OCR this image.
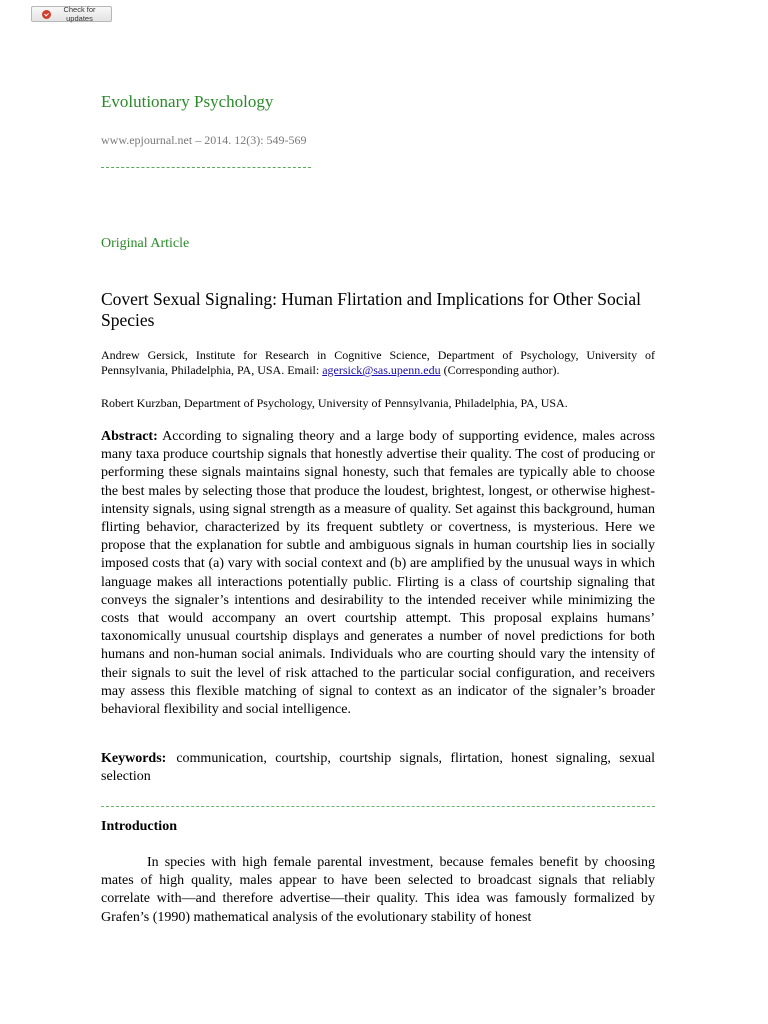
Check for updates
Evolutionary Psychology
www.epjournal.net – 2014. 12(3): 549-569
Original Article
Covert Sexual Signaling: Human Flirtation and Implications for Other Social Species
Andrew Gersick, Institute for Research in Cognitive Science, Department of Psychology, University of Pennsylvania, Philadelphia, PA, USA. Email: agersick@sas.upenn.edu (Corresponding author).
Robert Kurzban, Department of Psychology, University of Pennsylvania, Philadelphia, PA, USA.
Abstract: According to signaling theory and a large body of supporting evidence, males across many taxa produce courtship signals that honestly advertise their quality. The cost of producing or performing these signals maintains signal honesty, such that females are typically able to choose the best males by selecting those that produce the loudest, brightest, longest, or otherwise highest-intensity signals, using signal strength as a measure of quality. Set against this background, human flirting behavior, characterized by its frequent subtlety or covertness, is mysterious. Here we propose that the explanation for subtle and ambiguous signals in human courtship lies in socially imposed costs that (a) vary with social context and (b) are amplified by the unusual ways in which language makes all interactions potentially public. Flirting is a class of courtship signaling that conveys the signaler’s intentions and desirability to the intended receiver while minimizing the costs that would accompany an overt courtship attempt. This proposal explains humans’ taxonomically unusual courtship displays and generates a number of novel predictions for both humans and non-human social animals. Individuals who are courting should vary the intensity of their signals to suit the level of risk attached to the particular social configuration, and receivers may assess this flexible matching of signal to context as an indicator of the signaler’s broader behavioral flexibility and social intelligence.
Keywords: communication, courtship, courtship signals, flirtation, honest signaling, sexual selection
Introduction
In species with high female parental investment, because females benefit by choosing mates of high quality, males appear to have been selected to broadcast signals that reliably correlate with—and therefore advertise—their quality. This idea was famously formalized by Grafen’s (1990) mathematical analysis of the evolutionary stability of honest
